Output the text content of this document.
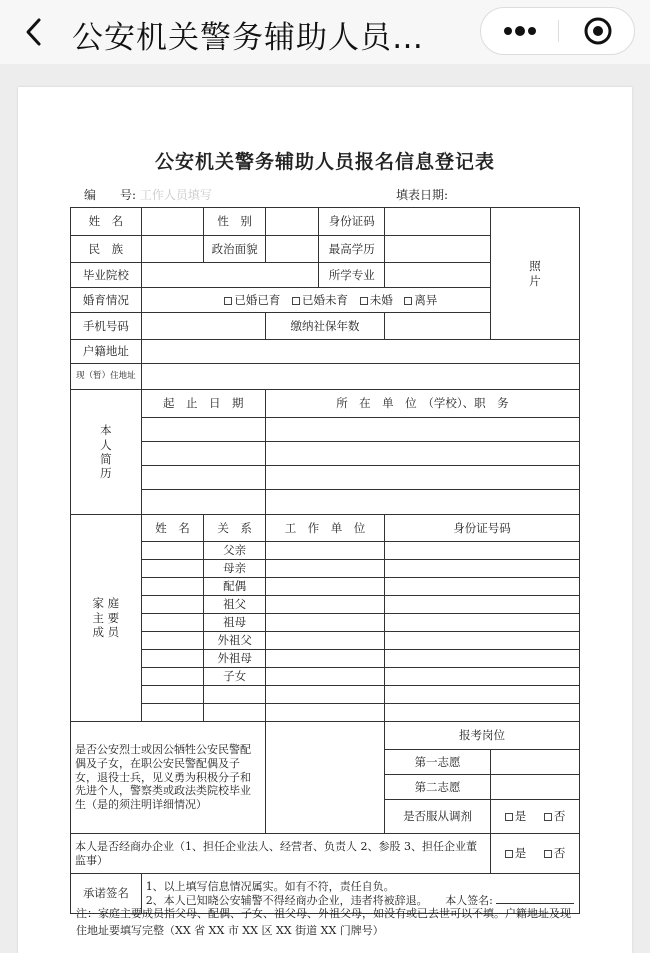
公安机关警务辅助人员…
公安机关警务辅助人员报名信息登记表
编　　号: 工作人员填写	填表日期:
姓　名		性　别		身份证码		照
片
民　族		政治面貌		最高学历		
毕业院校				所学专业		
婚育情况	已婚已育 已婚未育 未婚 离异					
手机号码			缴纳社保年数			
户籍地址						
现（暂）住地址						
本
人
简
历	起　止　日　期		所　在　单　位　（学校）、职　务			

家 庭
主 要
成 员	姓　名	关　系	工　作　单　位		身份证号码	
		父亲				
		母亲				
		配偶				
		祖父				
		祖母				
		外祖父				
		外祖母				
		子女				

是否公安烈士或因公牺牲公安民警配偶及子女，在职公安民警配偶及子女，退役士兵，见义勇为积极分子和先进个人，警察类或政法类院校毕业生（是的须注明详细情况）					报考岗位	
					第一志愿	
					第二志愿	
					是否服从调剂	是 否
本人是否经商办企业（1、担任企业法人、经营者、负责人 2、参股 3、担任企业董监事）						是 否
承诺签名	1、以上填写信息情况属实。如有不符，责任自负。
2、本人已知晓公安辅警不得经商办企业，违者将被辞退。 本人签名:					
注：家庭主要成员指父母、配偶、子女、祖父母、外祖父母，如没有或已去世可以不填。户籍地址及现住地址要填写完整（XX 省 XX 市 XX 区 XX 街道 XX 门牌号）
